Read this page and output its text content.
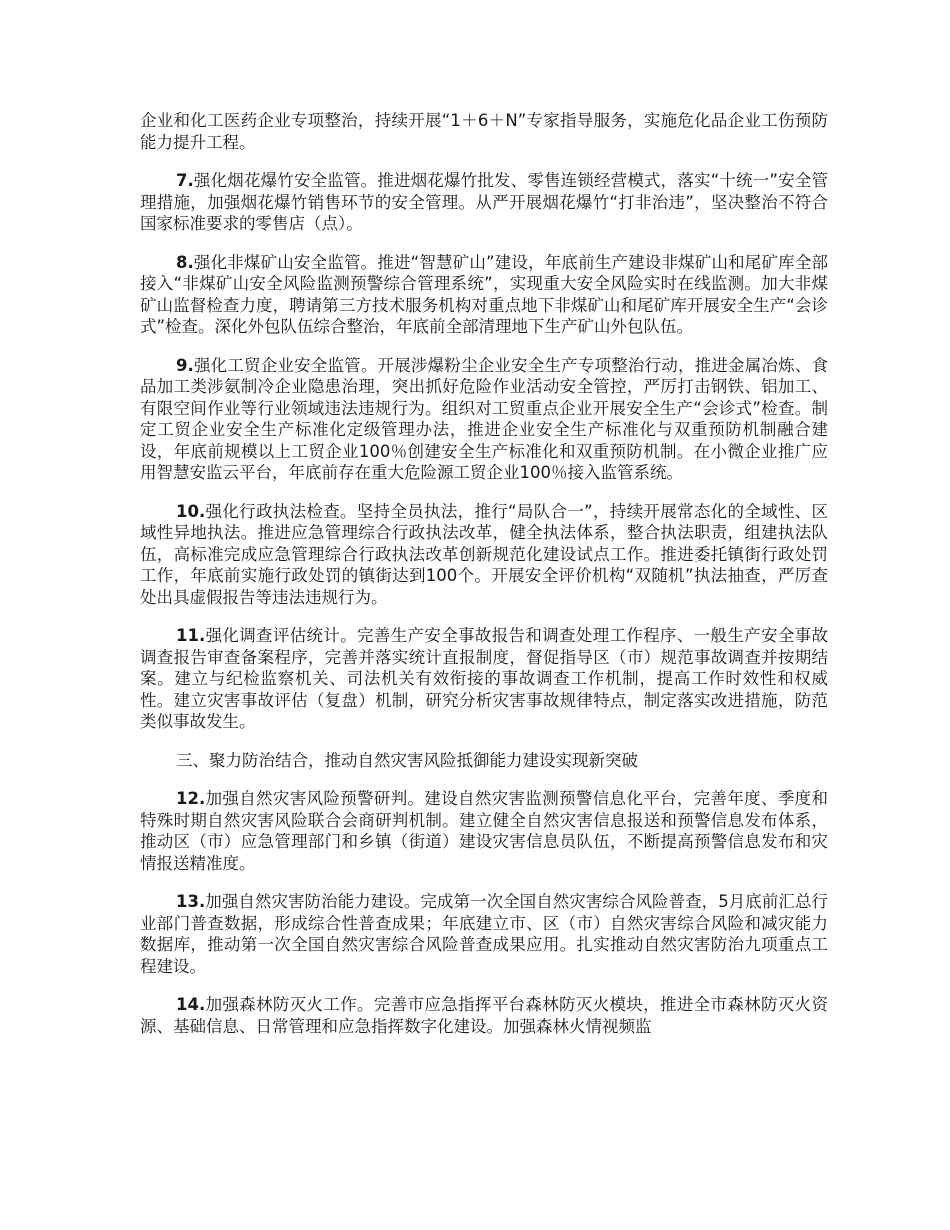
企业和化工医药企业专项整治，持续开展“1＋6＋N”专家指导服务，实施危化品企业工伤预防能力提升工程。

7.强化烟花爆竹安全监管。推进烟花爆竹批发、零售连锁经营模式，落实“十统一”安全管理措施，加强烟花爆竹销售环节的安全管理。从严开展烟花爆竹“打非治违”，坚决整治不符合国家标准要求的零售店（点）。

8.强化非煤矿山安全监管。推进“智慧矿山”建设，年底前生产建设非煤矿山和尾矿库全部接入“非煤矿山安全风险监测预警综合管理系统”，实现重大安全风险实时在线监测。加大非煤矿山监督检查力度，聘请第三方技术服务机构对重点地下非煤矿山和尾矿库开展安全生产“会诊式”检查。深化外包队伍综合整治，年底前全部清理地下生产矿山外包队伍。

9.强化工贸企业安全监管。开展涉爆粉尘企业安全生产专项整治行动，推进金属冶炼、食品加工类涉氨制冷企业隐患治理，突出抓好危险作业活动安全管控，严厉打击钢铁、铝加工、有限空间作业等行业领域违法违规行为。组织对工贸重点企业开展安全生产“会诊式”检查。制定工贸企业安全生产标准化定级管理办法，推进企业安全生产标准化与双重预防机制融合建设，年底前规模以上工贸企业100％创建安全生产标准化和双重预防机制。在小微企业推广应用智慧安监云平台，年底前存在重大危险源工贸企业100％接入监管系统。

10.强化行政执法检查。坚持全员执法，推行“局队合一”，持续开展常态化的全域性、区域性异地执法。推进应急管理综合行政执法改革，健全执法体系，整合执法职责，组建执法队伍，高标准完成应急管理综合行政执法改革创新规范化建设试点工作。推进委托镇街行政处罚工作，年底前实施行政处罚的镇街达到100个。开展安全评价机构“双随机”执法抽查，严厉查处出具虚假报告等违法违规行为。

11.强化调查评估统计。完善生产安全事故报告和调查处理工作程序、一般生产安全事故调查报告审查备案程序，完善并落实统计直报制度，督促指导区（市）规范事故调查并按期结案。建立与纪检监察机关、司法机关有效衔接的事故调查工作机制，提高工作时效性和权威性。建立灾害事故评估（复盘）机制，研究分析灾害事故规律特点，制定落实改进措施，防范类似事故发生。

三、聚力防治结合，推动自然灾害风险抵御能力建设实现新突破

12.加强自然灾害风险预警研判。建设自然灾害监测预警信息化平台，完善年度、季度和特殊时期自然灾害风险联合会商研判机制。建立健全自然灾害信息报送和预警信息发布体系，推动区（市）应急管理部门和乡镇（街道）建设灾害信息员队伍，不断提高预警信息发布和灾情报送精准度。

13.加强自然灾害防治能力建设。完成第一次全国自然灾害综合风险普查，5月底前汇总行业部门普查数据，形成综合性普查成果；年底建立市、区（市）自然灾害综合风险和减灾能力数据库，推动第一次全国自然灾害综合风险普查成果应用。扎实推动自然灾害防治九项重点工程建设。

14.加强森林防灭火工作。完善市应急指挥平台森林防灭火模块，推进全市森林防灭火资源、基础信息、日常管理和应急指挥数字化建设。加强森林火情视频监
